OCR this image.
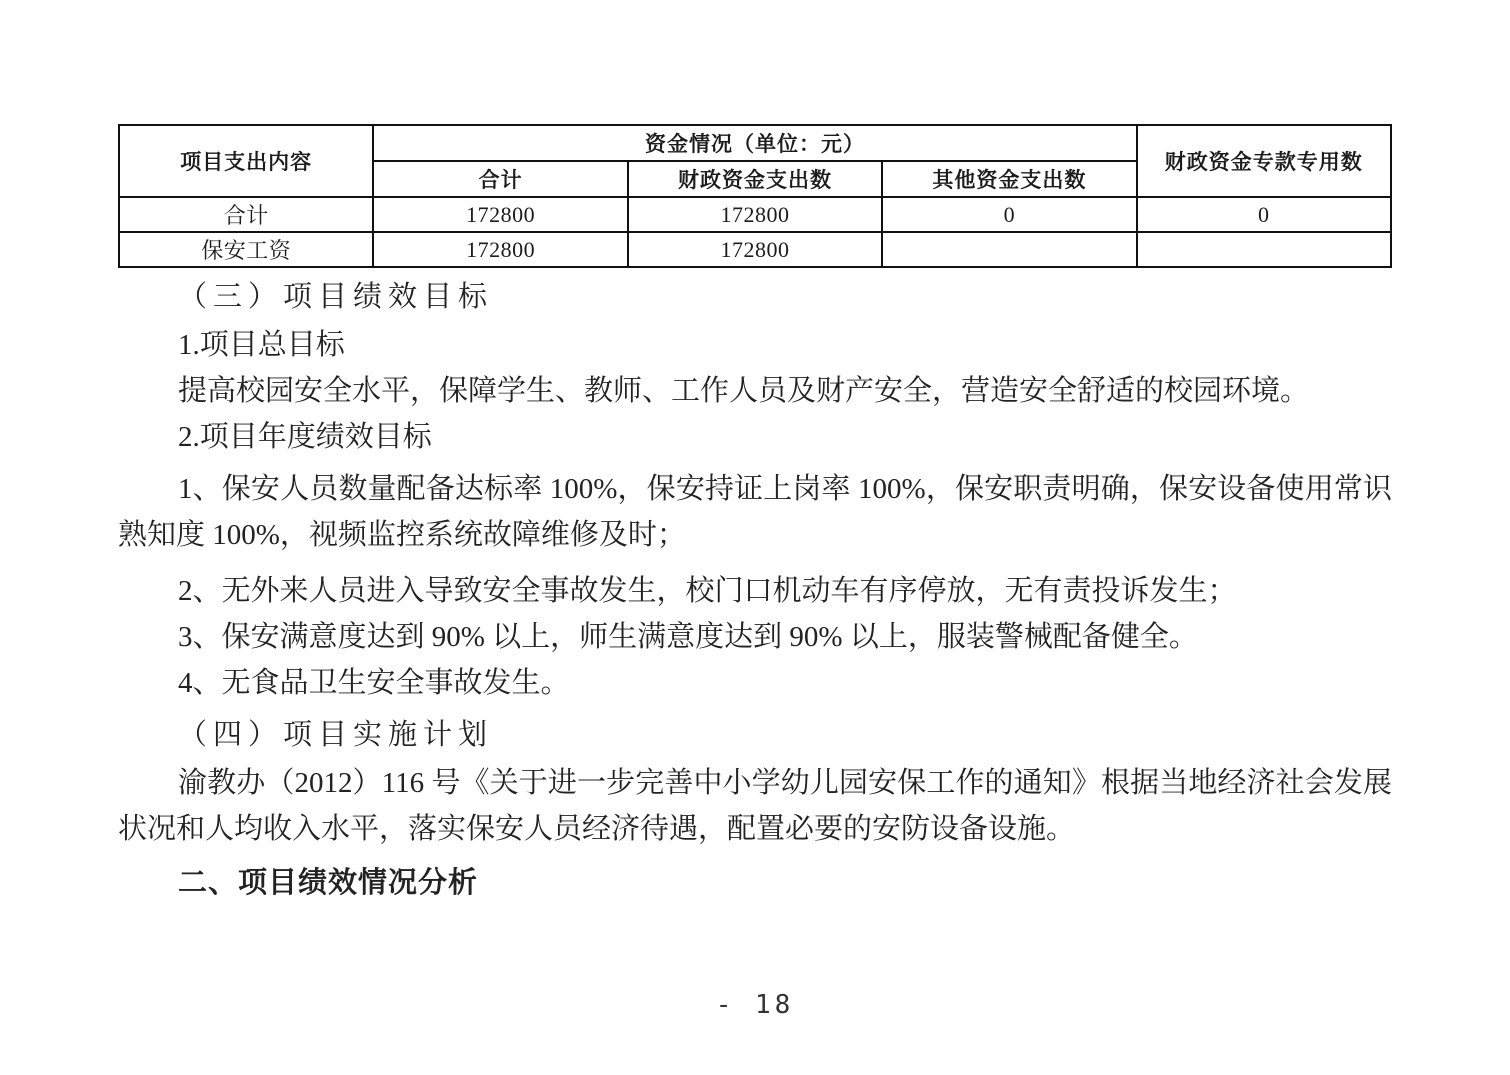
项目支出内容	资金情况（单位：元）			财政资金专款专用数
	合计	财政资金支出数	其他资金支出数	
合计	172800	172800	0	0
保安工资	172800	172800		

（三）项目绩效目标

1.项目总目标

提高校园安全水平，保障学生、教师、工作人员及财产安全，营造安全舒适的校园环境。

2.项目年度绩效目标

1、保安人员数量配备达标率 100%，保安持证上岗率 100%，保安职责明确，保安设备使用常识熟知度 100%，视频监控系统故障维修及时；

2、无外来人员进入导致安全事故发生，校门口机动车有序停放，无有责投诉发生；

3、保安满意度达到 90% 以上，师生满意度达到 90% 以上，服装警械配备健全。

4、无食品卫生安全事故发生。

（四）项目实施计划

渝教办（2012）116 号《关于进一步完善中小学幼儿园安保工作的通知》根据当地经济社会发展状况和人均收入水平，落实保安人员经济待遇，配置必要的安防设备设施。

二、项目绩效情况分析

- 18
